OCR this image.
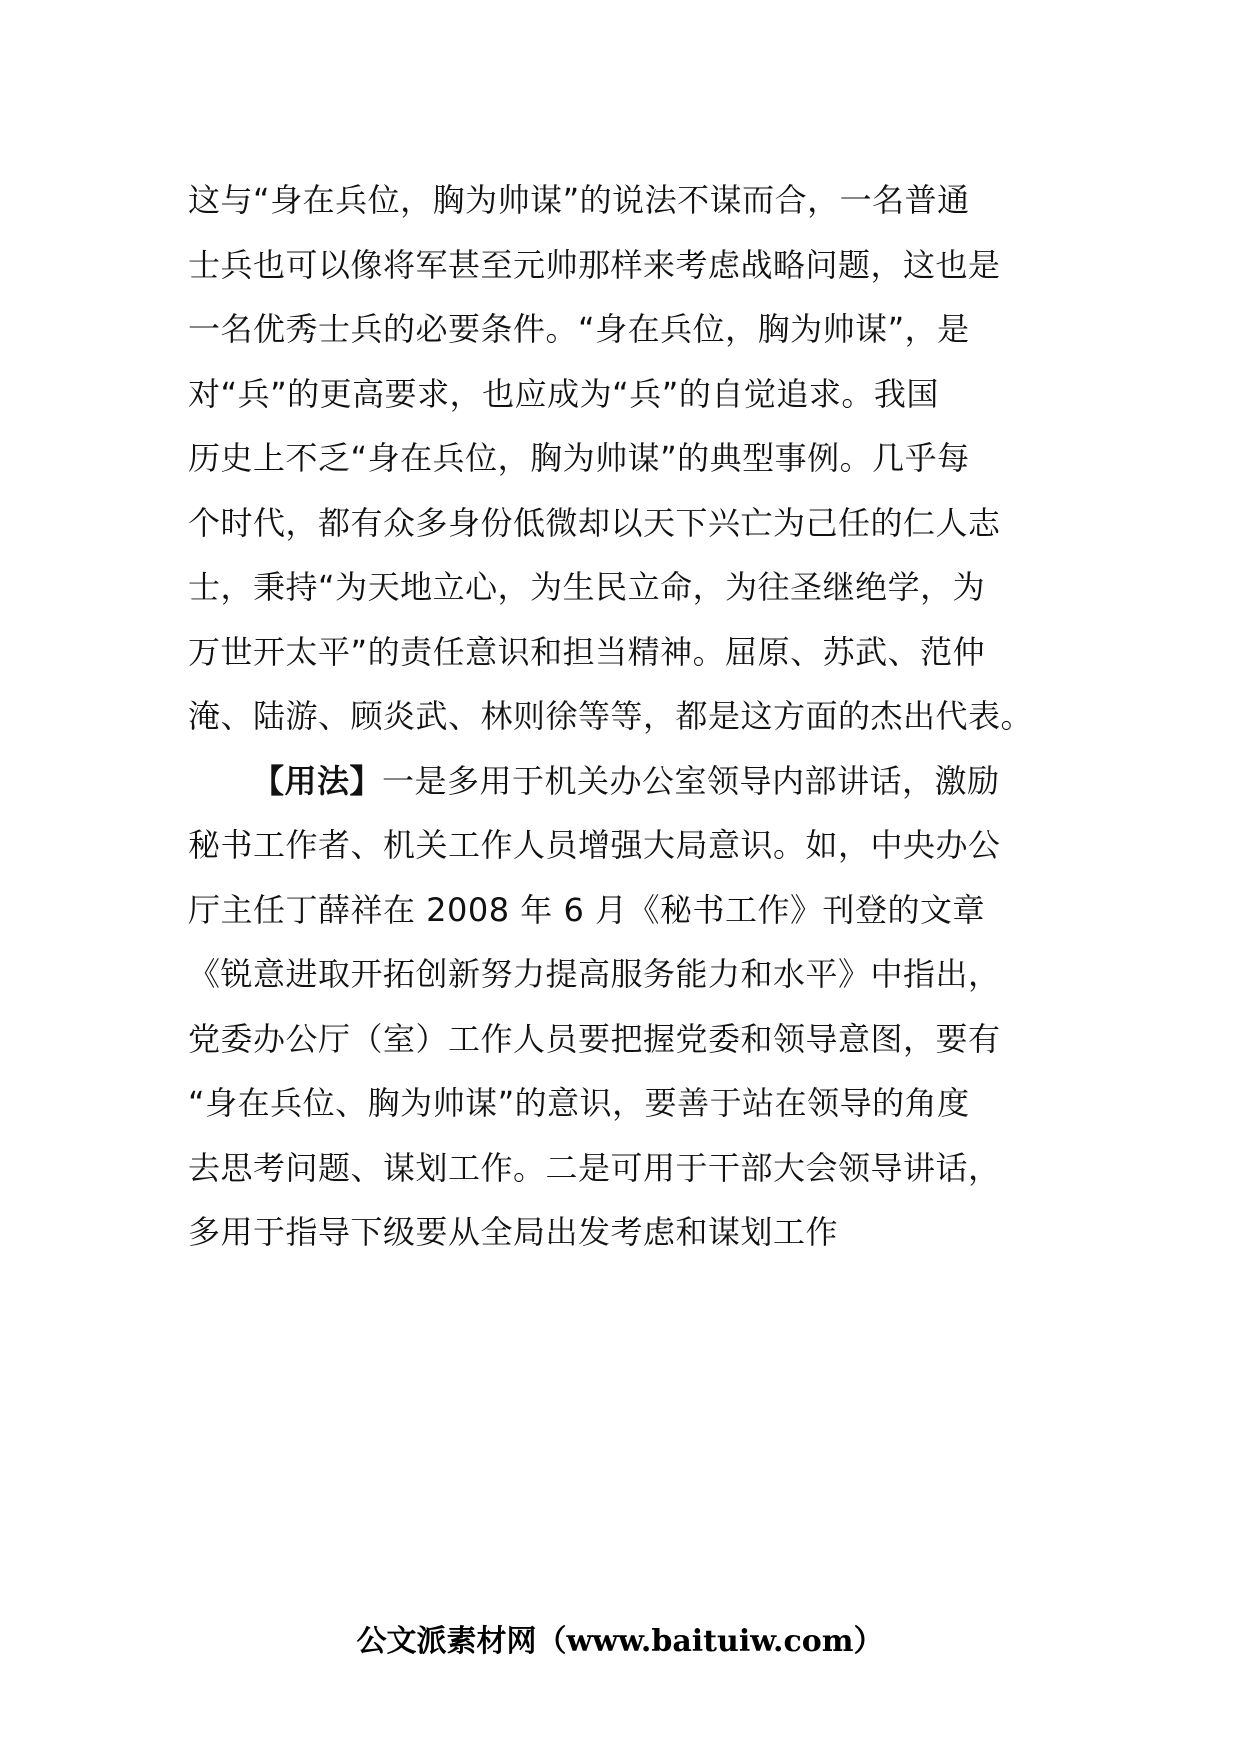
这与“身在兵位，胸为帅谋”的说法不谋而合，一名普通
士兵也可以像将军甚至元帅那样来考虑战略问题，这也是
一名优秀士兵的必要条件。“身在兵位，胸为帅谋”，是
对“兵”的更高要求，也应成为“兵”的自觉追求。我国
历史上不乏“身在兵位，胸为帅谋”的典型事例。几乎每
个时代，都有众多身份低微却以天下兴亡为己任的仁人志
士，秉持“为天地立心，为生民立命，为往圣继绝学，为
万世开太平”的责任意识和担当精神。屈原、苏武、范仲
淹、陆游、顾炎武、林则徐等等，都是这方面的杰出代表。
【用法】一是多用于机关办公室领导内部讲话，激励
秘书工作者、机关工作人员增强大局意识。如，中央办公
厅主任丁薛祥在 2008 年 6 月《秘书工作》刊登的文章
《锐意进取开拓创新努力提高服务能力和水平》中指出，
党委办公厅（室）工作人员要把握党委和领导意图，要有
“身在兵位、胸为帅谋”的意识，要善于站在领导的角度
去思考问题、谋划工作。二是可用于干部大会领导讲话，
多用于指导下级要从全局出发考虑和谋划工作
公文派素材网（www.baituiw.com）
